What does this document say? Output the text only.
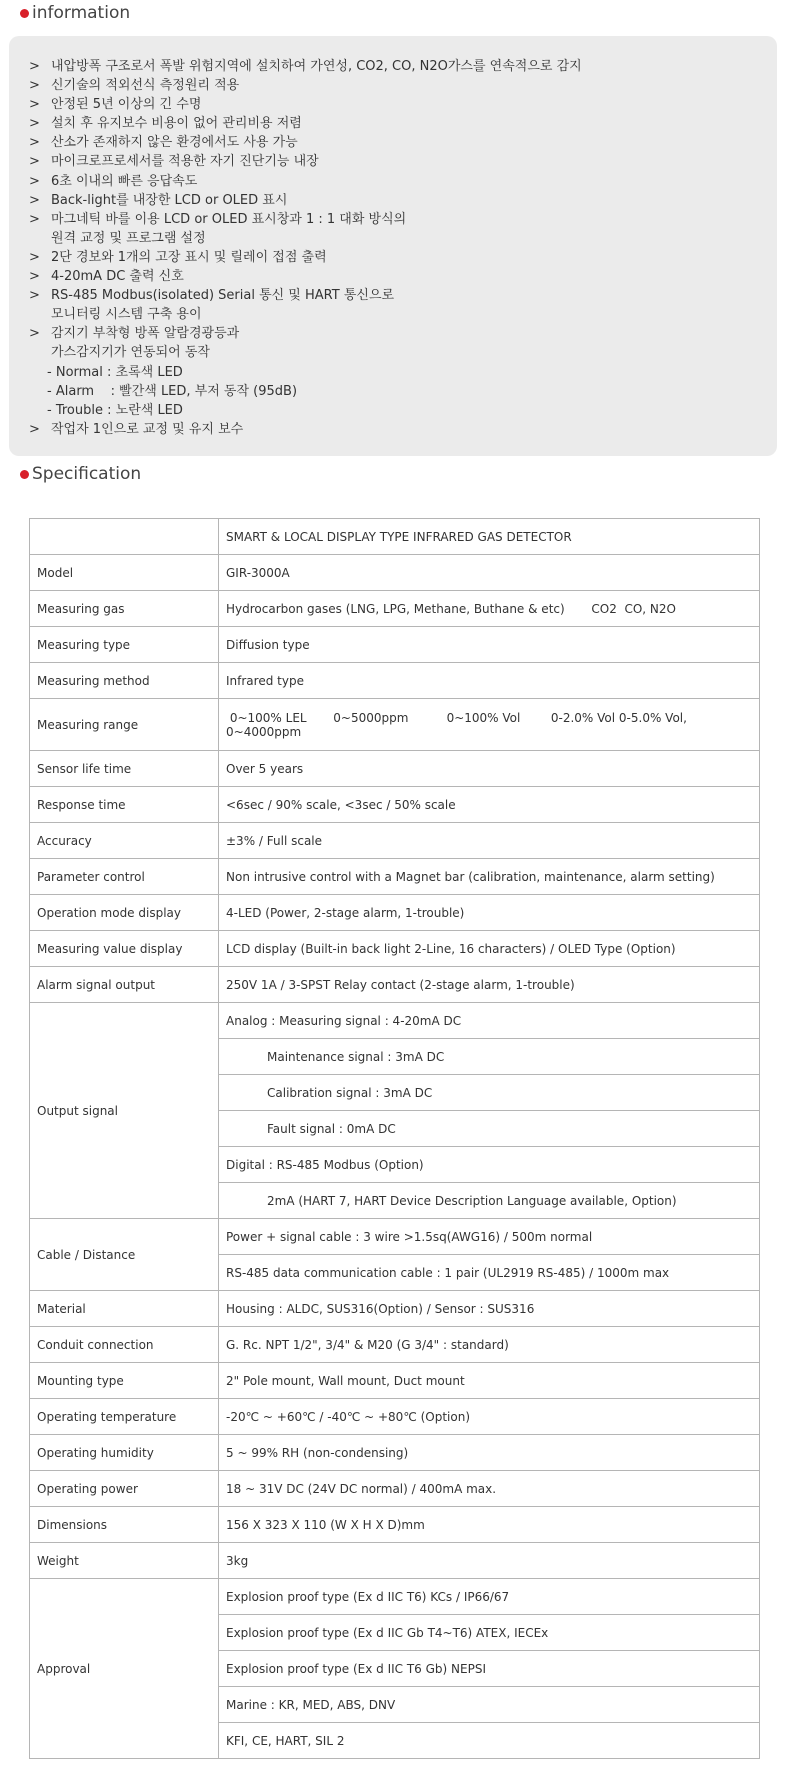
information
> 내압방폭 구조로서 폭발 위험지역에 설치하여 가연성, CO2, CO, N2O가스를 연속적으로 감지
> 신기술의 적외선식 측정원리 적용
> 안정된 5년 이상의 긴 수명
> 설치 후 유지보수 비용이 없어 관리비용 저렴
> 산소가 존재하지 않은 환경에서도 사용 가능
> 마이크로프로세서를 적용한 자기 진단기능 내장
> 6초 이내의 빠른 응답속도
> Back-light를 내장한 LCD or OLED 표시
> 마그네틱 바를 이용 LCD or OLED 표시창과 1 : 1 대화 방식의
원격 교정 및 프로그램 설정
> 2단 경보와 1개의 고장 표시 및 릴레이 접점 출력
> 4-20mA DC 출력 신호
> RS-485 Modbus(isolated) Serial 통신 및 HART 통신으로
모니터링 시스템 구축 용이
> 감지기 부착형 방폭 알람경광등과
가스감지기가 연동되어 동작
- Normal : 초록색 LED
- Alarm    : 빨간색 LED, 부저 동작 (95dB)
- Trouble : 노란색 LED
> 작업자 1인으로 교정 및 유지 보수
Specification
	SMART & LOCAL DISPLAY TYPE INFRARED GAS DETECTOR
Model	GIR-3000A
Measuring gas	Hydrocarbon gases (LNG, LPG, Methane, Buthane & etc)       CO2  CO, N2O
Measuring type	Diffusion type
Measuring method	Infrared type
Measuring range	0~100% LEL       0~5000ppm          0~100% Vol        0-2.0% Vol 0-5.0% Vol, 0~4000ppm
Sensor life time	Over 5 years
Response time	<6sec / 90% scale, <3sec / 50% scale
Accuracy	±3% / Full scale
Parameter control	Non intrusive control with a Magnet bar (calibration, maintenance, alarm setting)
Operation mode display	4-LED (Power, 2-stage alarm, 1-trouble)
Measuring value display	LCD display (Built-in back light 2-Line, 16 characters) / OLED Type (Option)
Alarm signal output	250V 1A / 3-SPST Relay contact (2-stage alarm, 1-trouble)
Output signal	Analog : Measuring signal : 4-20mA DC
	Maintenance signal : 3mA DC
	Calibration signal : 3mA DC
	Fault signal : 0mA DC
	Digital : RS-485 Modbus (Option)
	2mA (HART 7, HART Device Description Language available, Option)
Cable / Distance	Power + signal cable : 3 wire >1.5sq(AWG16) / 500m normal
	RS-485 data communication cable : 1 pair (UL2919 RS-485) / 1000m max
Material	Housing : ALDC, SUS316(Option) / Sensor : SUS316
Conduit connection	G. Rc. NPT 1/2", 3/4" & M20 (G 3/4" : standard)
Mounting type	2" Pole mount, Wall mount, Duct mount
Operating temperature	-20℃ ~ +60℃ / -40℃ ~ +80℃ (Option)
Operating humidity	5 ~ 99% RH (non-condensing)
Operating power	18 ~ 31V DC (24V DC normal) / 400mA max.
Dimensions	156 X 323 X 110 (W X H X D)mm
Weight	3kg
Approval	Explosion proof type (Ex d IIC T6) KCs / IP66/67
	Explosion proof type (Ex d IIC Gb T4~T6) ATEX, IECEx
	Explosion proof type (Ex d IIC T6 Gb) NEPSI
	Marine : KR, MED, ABS, DNV
	KFI, CE, HART, SIL 2
